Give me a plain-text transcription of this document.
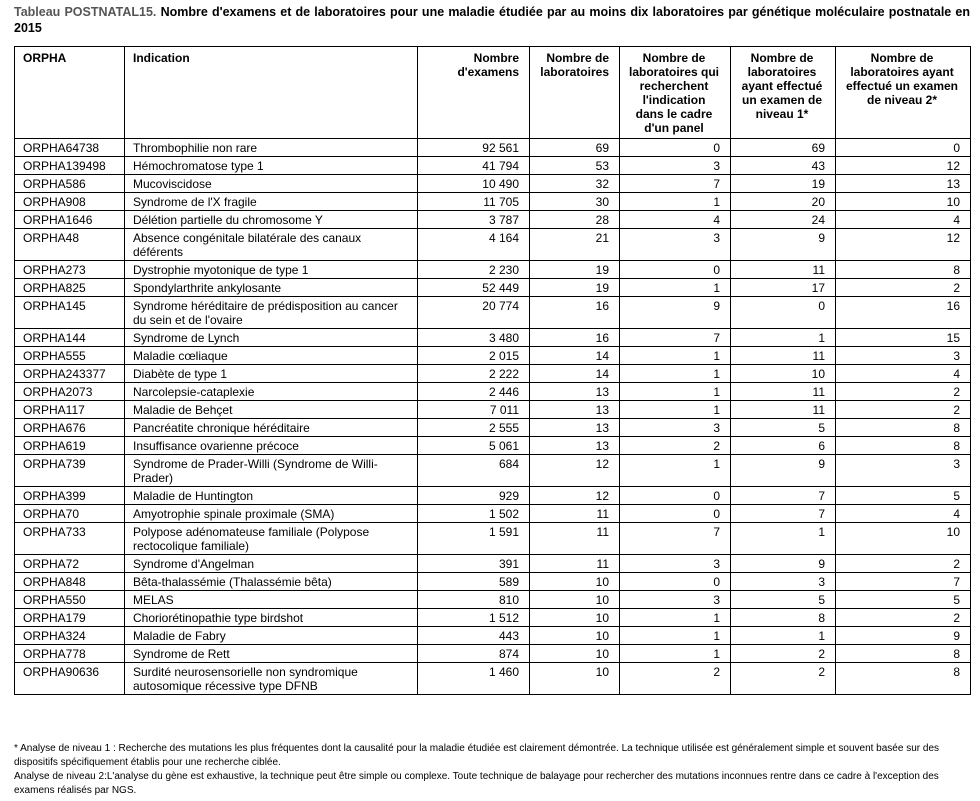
Tableau POSTNATAL15. Nombre d'examens et de laboratoires pour une maladie étudiée par au moins dix laboratoires par génétique moléculaire postnatale en 2015
ORPHA	Indication	Nombre d'examens	Nombre de laboratoires	Nombre de laboratoires qui recherchent l'indication dans le cadre d'un panel	Nombre de laboratoires ayant effectué un examen de niveau 1*	Nombre de laboratoires ayant effectué un examen de niveau 2*
ORPHA64738	Thrombophilie non rare	92 561	69	0	69	0
ORPHA139498	Hémochromatose type 1	41 794	53	3	43	12
ORPHA586	Mucoviscidose	10 490	32	7	19	13
ORPHA908	Syndrome de l'X fragile	11 705	30	1	20	10
ORPHA1646	Délétion partielle du chromosome Y	3 787	28	4	24	4
ORPHA48	Absence congénitale bilatérale des canaux déférents	4 164	21	3	9	12
ORPHA273	Dystrophie myotonique de type 1	2 230	19	0	11	8
ORPHA825	Spondylarthrite ankylosante	52 449	19	1	17	2
ORPHA145	Syndrome héréditaire de prédisposition au cancer du sein et de l'ovaire	20 774	16	9	0	16
ORPHA144	Syndrome de Lynch	3 480	16	7	1	15
ORPHA555	Maladie cœliaque	2 015	14	1	11	3
ORPHA243377	Diabète de type 1	2 222	14	1	10	4
ORPHA2073	Narcolepsie-cataplexie	2 446	13	1	11	2
ORPHA117	Maladie de Behçet	7 011	13	1	11	2
ORPHA676	Pancréatite chronique héréditaire	2 555	13	3	5	8
ORPHA619	Insuffisance ovarienne précoce	5 061	13	2	6	8
ORPHA739	Syndrome de Prader-Willi (Syndrome de Willi-Prader)	684	12	1	9	3
ORPHA399	Maladie de Huntington	929	12	0	7	5
ORPHA70	Amyotrophie spinale proximale (SMA)	1 502	11	0	7	4
ORPHA733	Polypose adénomateuse familiale (Polypose rectocolique familiale)	1 591	11	7	1	10
ORPHA72	Syndrome d'Angelman	391	11	3	9	2
ORPHA848	Bêta-thalassémie (Thalassémie bêta)	589	10	0	3	7
ORPHA550	MELAS	810	10	3	5	5
ORPHA179	Choriorétinopathie type birdshot	1 512	10	1	8	2
ORPHA324	Maladie de Fabry	443	10	1	1	9
ORPHA778	Syndrome de Rett	874	10	1	2	8
ORPHA90636	Surdité neurosensorielle non syndromique autosomique récessive type DFNB	1 460	10	2	2	8

* Analyse de niveau 1 : Recherche des mutations les plus fréquentes dont la causalité pour la maladie étudiée est clairement démontrée. La technique utilisée est généralement simple et souvent basée sur des dispositifs spécifiquement établis pour une recherche ciblée.

Analyse de niveau 2:L'analyse du gène est exhaustive, la technique peut être simple ou complexe. Toute technique de balayage pour rechercher des mutations inconnues rentre dans ce cadre à l'exception des examens réalisés par NGS.
